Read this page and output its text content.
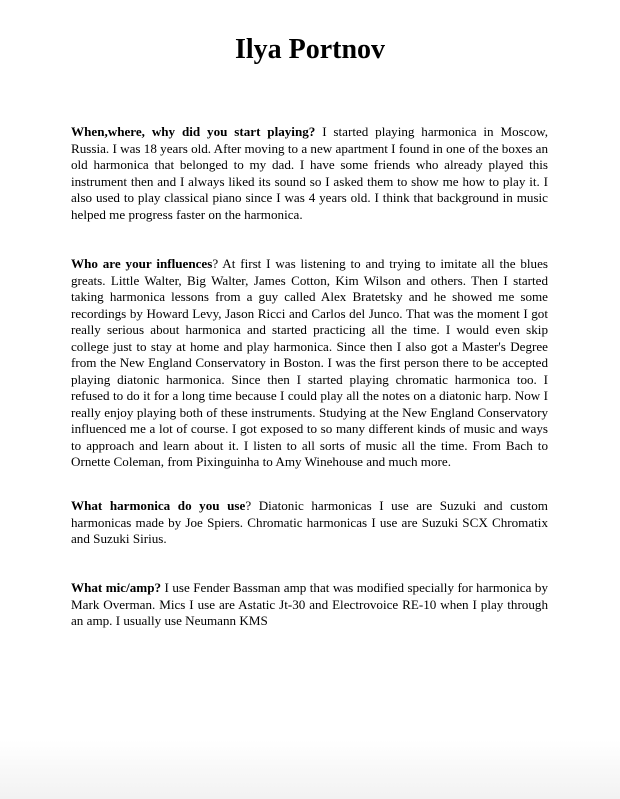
Ilya Portnov

When,where, why did you start playing? I started playing harmonica in Moscow, Russia. I was 18 years old. After moving to a new apartment I found in one of the boxes an old harmonica that belonged to my dad. I have some friends who already played this instrument then and I always liked its sound so I asked them to show me how to play it. I also used to play classical piano since I was 4 years old. I think that background in music helped me progress faster on the harmonica.

Who are your influences? At first I was listening to and trying to imitate all the blues greats. Little Walter, Big Walter, James Cotton, Kim Wilson and others. Then I started taking harmonica lessons from a guy called Alex Bratetsky and he showed me some recordings by Howard Levy, Jason Ricci and Carlos del Junco. That was the moment I got really serious about harmonica and started practicing all the time. I would even skip college just to stay at home and play harmonica. Since then I also got a Master's Degree from the New England Conservatory in Boston. I was the first person there to be accepted playing diatonic harmonica. Since then I started playing chromatic harmonica too. I refused to do it for a long time because I could play all the notes on a diatonic harp. Now I really enjoy playing both of these instruments. Studying at the New England Conservatory influenced me a lot of course. I got exposed to so many different kinds of music and ways to approach and learn about it. I listen to all sorts of music all the time. From Bach to Ornette Coleman, from Pixinguinha to Amy Winehouse and much more.

What harmonica do you use? Diatonic harmonicas I use are Suzuki and custom harmonicas made by Joe Spiers. Chromatic harmonicas I use are Suzuki SCX Chromatix and Suzuki Sirius.

What mic/amp? I use Fender Bassman amp that was modified specially for harmonica by Mark Overman. Mics I use are Astatic Jt-30 and Electrovoice RE-10 when I play through an amp. I usually use Neumann KMS
